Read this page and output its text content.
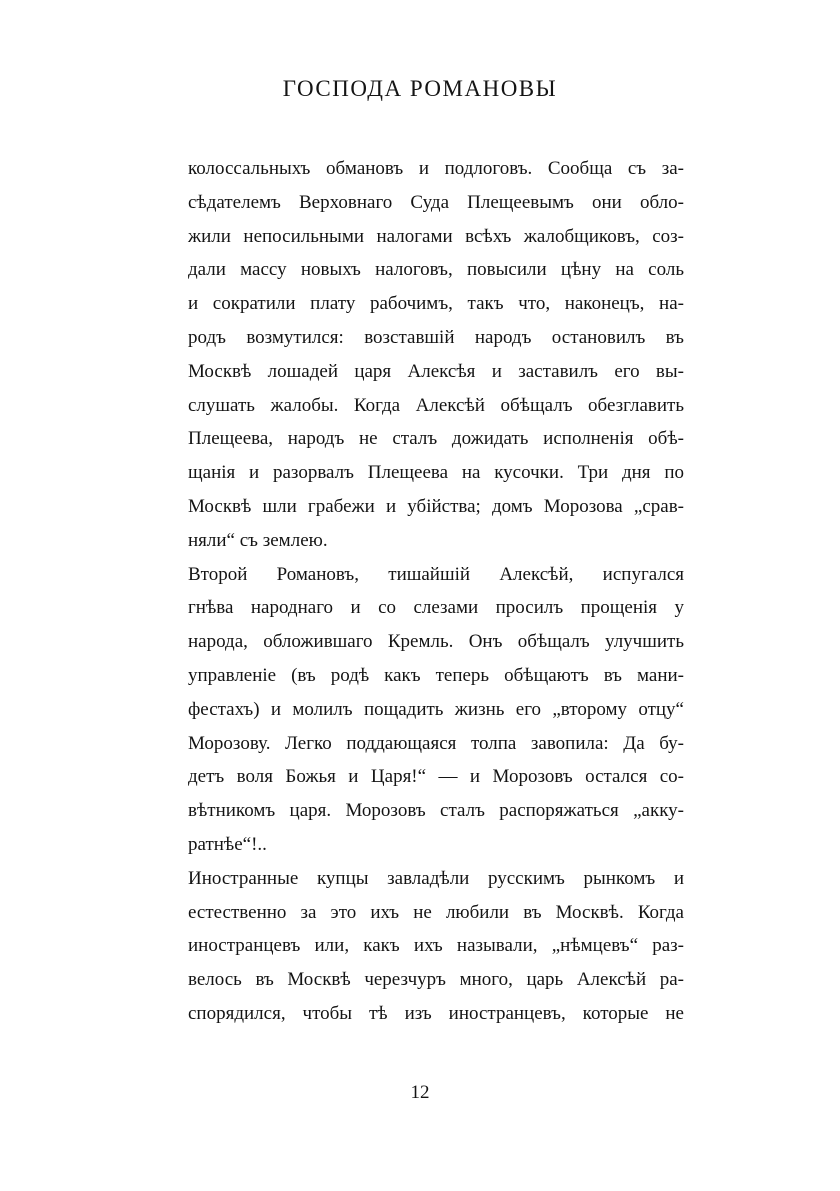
ГОСПОДА РОМАНОВЫ
колоссальныхъ обмановъ и подлоговъ. Сообща съ за-
сѣдателемъ Верховнаго Суда Плещеевымъ они обло-
жили непосильными налогами всѣхъ жалобщиковъ, соз-
дали массу новыхъ налоговъ, повысили цѣну на соль
и сократили плату рабочимъ, такъ что, наконецъ, на-
родъ возмутился: возставшій народъ остановилъ въ
Москвѣ лошадей царя Алексѣя и заставилъ его вы-
слушать жалобы. Когда Алексѣй обѣщалъ обезглавить
Плещеева, народъ не сталъ дожидать исполненія обѣ-
щанія и разорвалъ Плещеева на кусочки. Три дня по
Москвѣ шли грабежи и убійства; домъ Морозова „срав-
няли“ съ землею.
Второй Романовъ, тишайшій Алексѣй, испугался
гнѣва народнаго и со слезами просилъ прощенія у
народа, обложившаго Кремль. Онъ обѣщалъ улучшить
управленіе (въ родѣ какъ теперь обѣщаютъ въ мани-
фестахъ) и молилъ пощадить жизнь его „второму отцу“
Морозову. Легко поддающаяся толпа завопила: Да бу-
детъ воля Божья и Царя!“ — и Морозовъ остался со-
вѣтникомъ царя. Морозовъ сталъ распоряжаться „акку-
ратнѣе“!..
Иностранные купцы завладѣли русскимъ рынкомъ и
естественно за это ихъ не любили въ Москвѣ. Когда
иностранцевъ или, какъ ихъ называли, „нѣмцевъ“ раз-
велось въ Москвѣ черезчуръ много, царь Алексѣй ра-
спорядился, чтобы тѣ изъ иностранцевъ, которые не
12
